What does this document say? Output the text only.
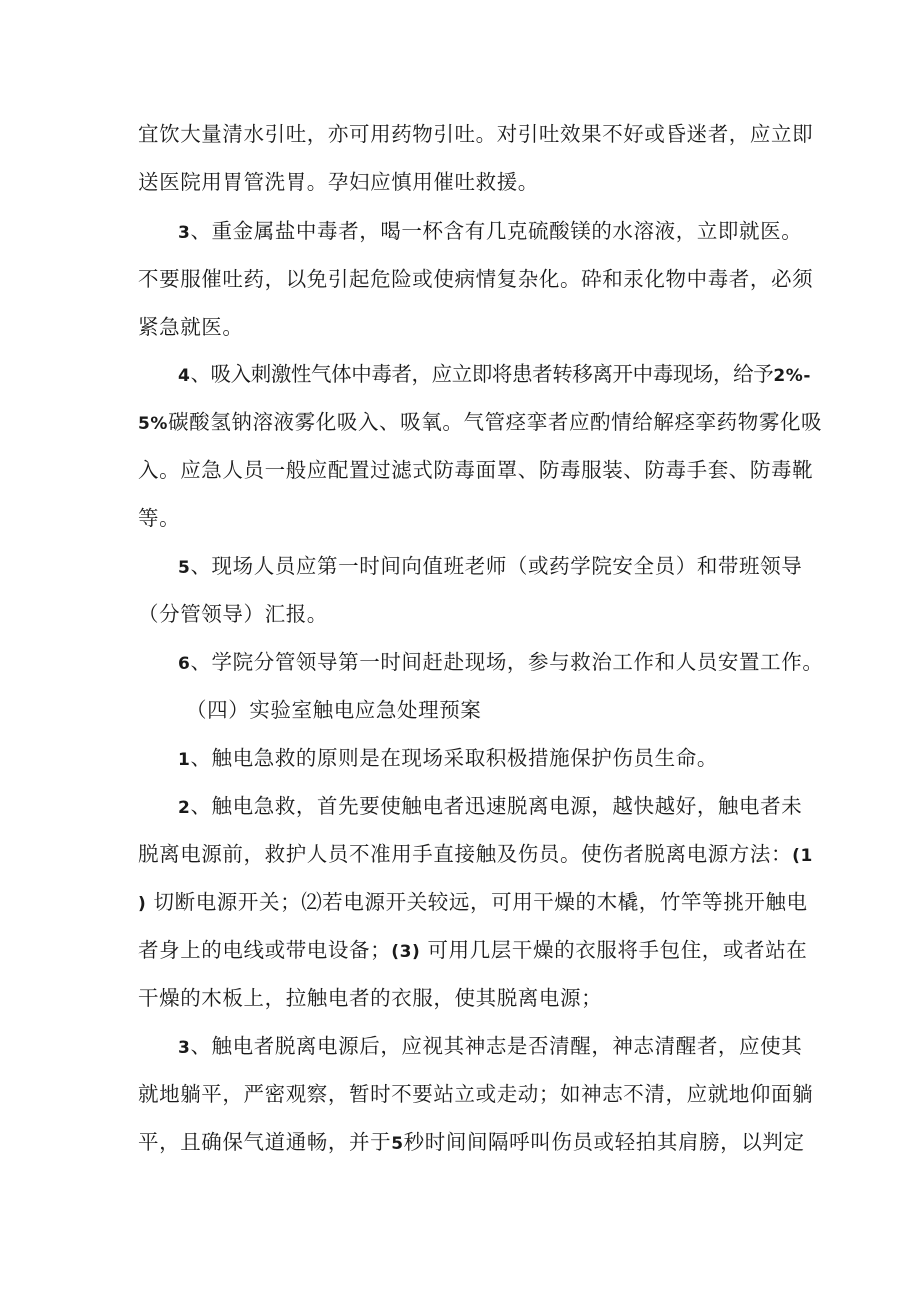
宜饮大量清水引吐，亦可用药物引吐。对引吐效果不好或昏迷者，应立即

送医院用胃管洗胃。孕妇应慎用催吐救援。

3、重金属盐中毒者，喝一杯含有几克硫酸镁的水溶液，立即就医。

不要服催吐药，以免引起危险或使病情复杂化。砕和汞化物中毒者，必须

紧急就医。

4、吸入刺激性气体中毒者，应立即将患者转移离开中毒现场，给予2%-

5%碳酸氢钠溶液雾化吸入、吸氧。气管痉挛者应酌情给解痉挛药物雾化吸

入。应急人员一般应配置过滤式防毒面罩、防毒服装、防毒手套、防毒靴

等。

5、现场人员应第一时间向值班老师（或药学院安全员）和带班领导

（分管领导）汇报。

6、学院分管领导第一时间赶赴现场，参与救治工作和人员安置工作。

（四）实验室触电应急处理预案

1、触电急救的原则是在现场采取积极措施保护伤员生命。

2、触电急救，首先要使触电者迅速脱离电源，越快越好，触电者未

脱离电源前，救护人员不准用手直接触及伤员。使伤者脱离电源方法：(1

) 切断电源开关；⑵若电源开关较远，可用干燥的木橇，竹竿等挑开触电

者身上的电线或带电设备；(3) 可用几层干燥的衣服将手包住，或者站在

干燥的木板上，拉触电者的衣服，使其脱离电源；

3、触电者脱离电源后，应视其神志是否清醒，神志清醒者，应使其

就地躺平，严密观察，暂时不要站立或走动；如神志不清，应就地仰面躺

平，且确保气道通畅，并于5秒时间间隔呼叫伤员或轻拍其肩膀，以判定
